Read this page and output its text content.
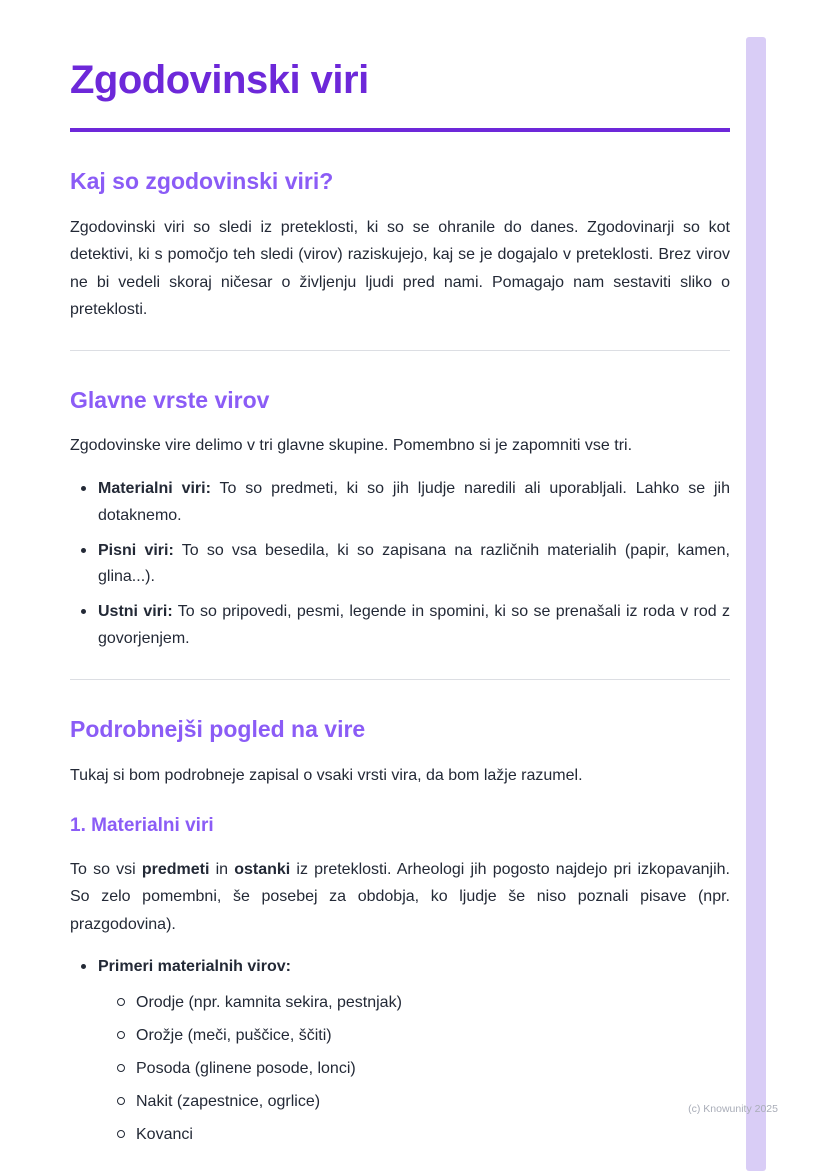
Zgodovinski viri
Kaj so zgodovinski viri?

Zgodovinski viri so sledi iz preteklosti, ki so se ohranile do danes. Zgodovinarji so kot detektivi, ki s pomočjo teh sledi (virov) raziskujejo, kaj se je dogajalo v preteklosti. Brez virov ne bi vedeli skoraj ničesar o življenju ljudi pred nami. Pomagajo nam sestaviti sliko o preteklosti.

Glavne vrste virov

Zgodovinske vire delimo v tri glavne skupine. Pomembno si je zapomniti vse tri.

Materialni viri: To so predmeti, ki so jih ljudje naredili ali uporabljali. Lahko se jih dotaknemo.
Pisni viri: To so vsa besedila, ki so zapisana na različnih materialih (papir, kamen, glina...).
Ustni viri: To so pripovedi, pesmi, legende in spomini, ki so se prenašali iz roda v rod z govorjenjem.
Podrobnejši pogled na vire

Tukaj si bom podrobneje zapisal o vsaki vrsti vira, da bom lažje razumel.

1. Materialni viri

To so vsi predmeti in ostanki iz preteklosti. Arheologi jih pogosto najdejo pri izkopavanjih. So zelo pomembni, še posebej za obdobja, ko ljudje še niso poznali pisave (npr. prazgodovina).

Primeri materialnih virov:
Orodje (npr. kamnita sekira, pestnjak)
Orožje (meči, puščice, ščiti)
Posoda (glinene posode, lonci)
Nakit (zapestnice, ogrlice)
Kovanci
(c) Knowunity 2025
